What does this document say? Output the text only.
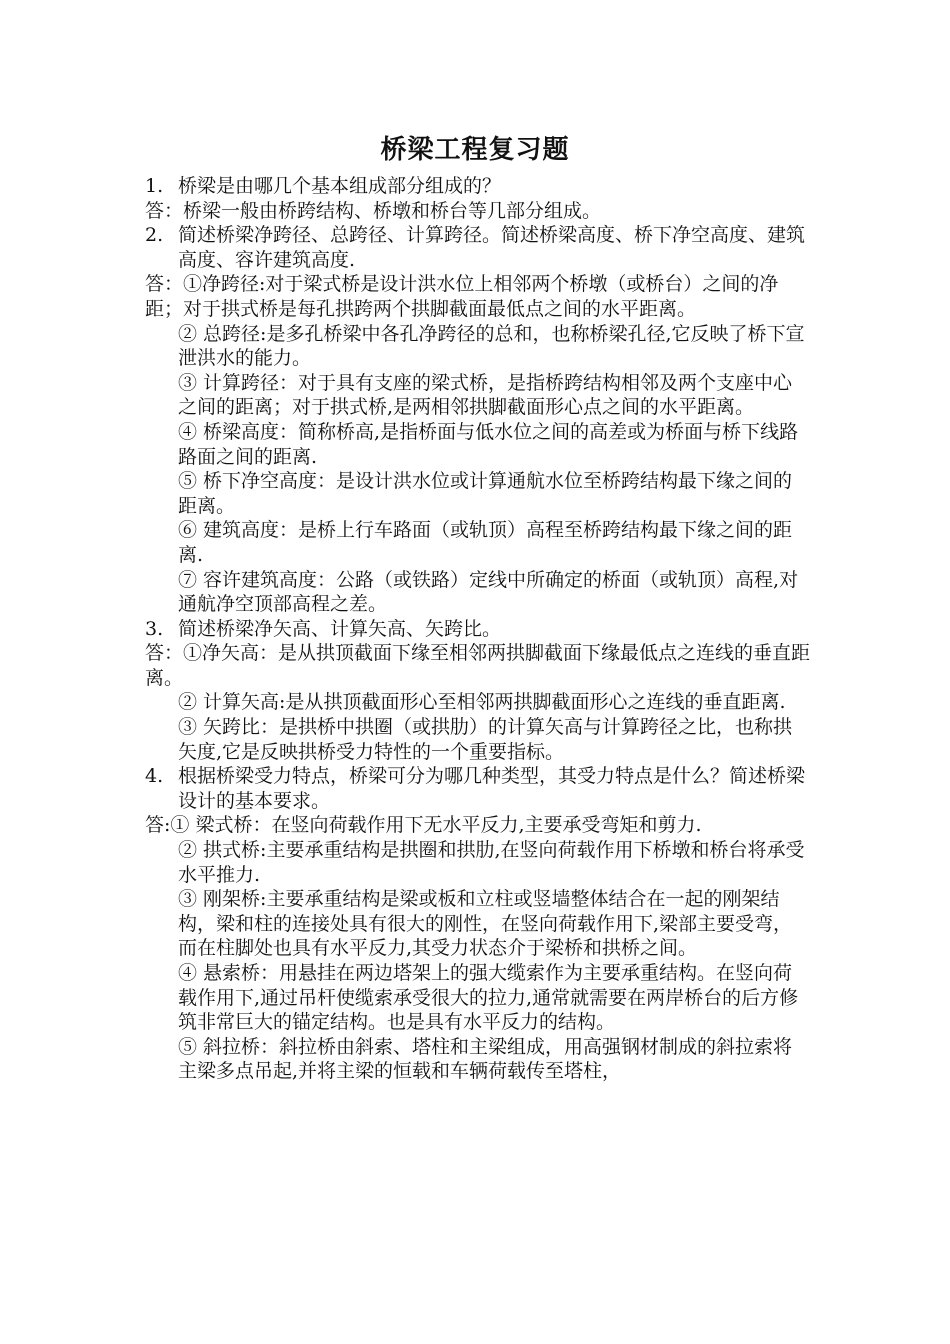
桥梁工程复习题
1. 桥梁是由哪几个基本组成部分组成的？
答：桥梁一般由桥跨结构、桥墩和桥台等几部分组成。
2. 简述桥梁净跨径、总跨径、计算跨径。简述桥梁高度、桥下净空高度、建筑高度、容许建筑高度.
答：①净跨径:对于梁式桥是设计洪水位上相邻两个桥墩（或桥台）之间的净距；对于拱式桥是每孔拱跨两个拱脚截面最低点之间的水平距离。
② 总跨径:是多孔桥梁中各孔净跨径的总和，也称桥梁孔径,它反映了桥下宣泄洪水的能力。
③ 计算跨径：对于具有支座的梁式桥，是指桥跨结构相邻及两个支座中心之间的距离；对于拱式桥,是两相邻拱脚截面形心点之间的水平距离。
④ 桥梁高度：简称桥高,是指桥面与低水位之间的高差或为桥面与桥下线路路面之间的距离.
⑤ 桥下净空高度：是设计洪水位或计算通航水位至桥跨结构最下缘之间的距离。
⑥ 建筑高度：是桥上行车路面（或轨顶）高程至桥跨结构最下缘之间的距离.
⑦ 容许建筑高度：公路（或铁路）定线中所确定的桥面（或轨顶）高程,对通航净空顶部高程之差。
3. 简述桥梁净矢高、计算矢高、矢跨比。
答：①净矢高：是从拱顶截面下缘至相邻两拱脚截面下缘最低点之连线的垂直距离。
② 计算矢高:是从拱顶截面形心至相邻两拱脚截面形心之连线的垂直距离.
③ 矢跨比：是拱桥中拱圈（或拱肋）的计算矢高与计算跨径之比，也称拱矢度,它是反映拱桥受力特性的一个重要指标。
4. 根据桥梁受力特点，桥梁可分为哪几种类型，其受力特点是什么？简述桥梁设计的基本要求。
答:① 梁式桥：在竖向荷载作用下无水平反力,主要承受弯矩和剪力.
② 拱式桥:主要承重结构是拱圈和拱肋,在竖向荷载作用下桥墩和桥台将承受水平推力.
③ 刚架桥:主要承重结构是梁或板和立柱或竖墙整体结合在一起的刚架结构，梁和柱的连接处具有很大的刚性，在竖向荷载作用下,梁部主要受弯，而在柱脚处也具有水平反力,其受力状态介于梁桥和拱桥之间。
④ 悬索桥：用悬挂在两边塔架上的强大缆索作为主要承重结构。在竖向荷载作用下,通过吊杆使缆索承受很大的拉力,通常就需要在两岸桥台的后方修筑非常巨大的锚定结构。也是具有水平反力的结构。
⑤ 斜拉桥：斜拉桥由斜索、塔柱和主梁组成，用高强钢材制成的斜拉索将主梁多点吊起,并将主梁的恒载和车辆荷载传至塔柱，
